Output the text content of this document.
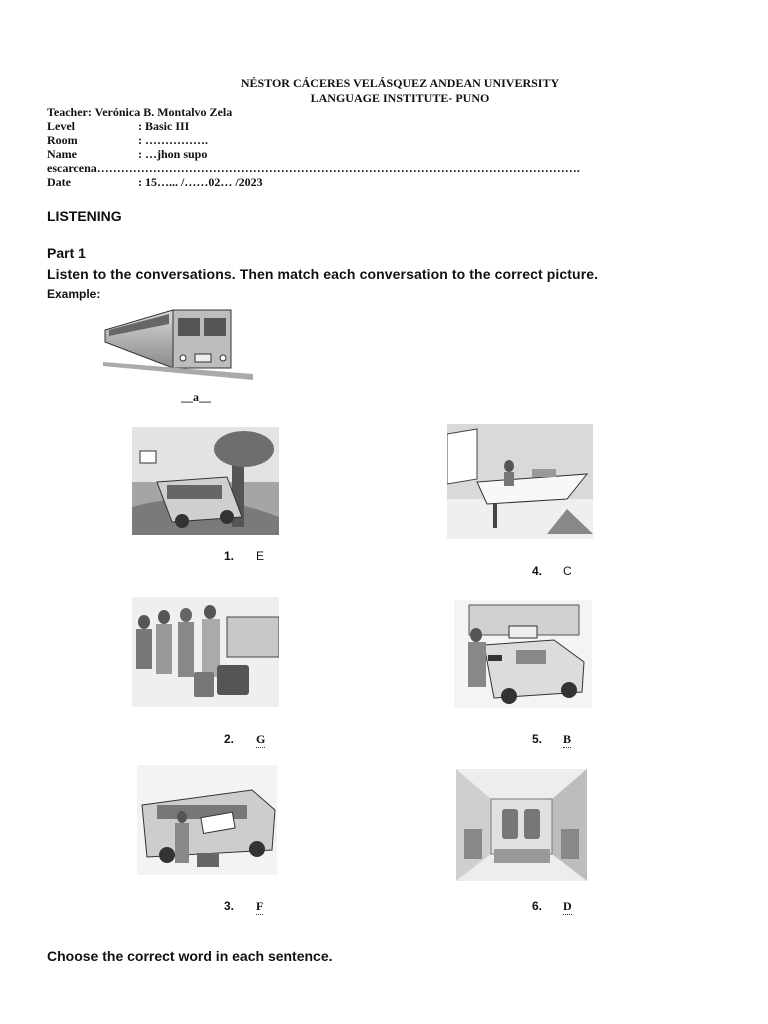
NÉSTOR CÁCERES VELÁSQUEZ ANDEAN UNIVERSITY
LANGUAGE INSTITUTE- PUNO
Teacher: Verónica B. Montalvo Zela
Level	: Basic III
Room	: …………….
Name	: …jhon supo
escarcena………………………………………………………………………………………………………….
Date	: 15…... /……02… /2023
LISTENING
Part 1
Listen to the conversations. Then match each conversation to the correct picture.
Example:
__a__
1. E
2. G
3. F
4. C
5. B
6. D
Choose the correct word in each sentence.
